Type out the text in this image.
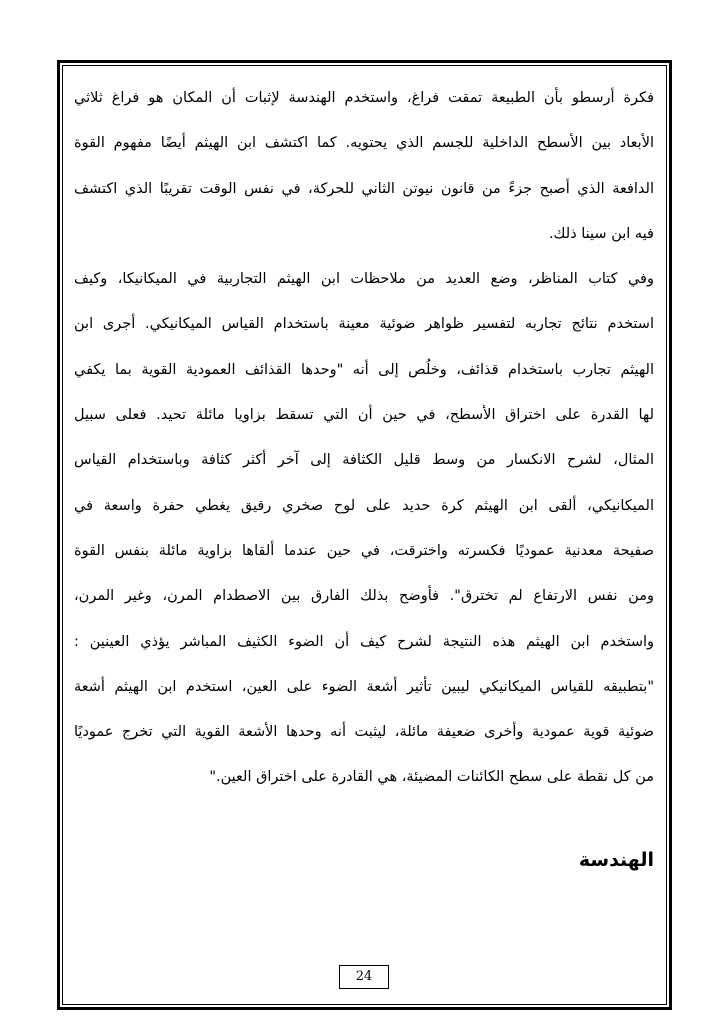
فكرة أرسطو بأن الطبيعة تمقت فراغ، واستخدم الهندسة لإثبات أن المكان هو فراغ ثلاثي
الأبعاد بين الأسطح الداخلية للجسم الذي يحتويه. كما اكتشف ابن الهيثم أيضًا مفهوم القوة
الدافعة الذي أصبح جزءً من قانون نيوتن الثاني للحركة، في نفس الوقت تقريبًا الذي اكتشف
فيه ابن سينا ذلك.
وفي كتاب المناظر، وضع العديد من ملاحظات ابن الهيثم التجاربية في الميكانيكا، وكيف
استخدم نتائج تجاربه لتفسير ظواهر ضوئية معينة باستخدام القياس الميكانيكي. أجرى ابن
الهيثم تجارب باستخدام قذائف، وخلُص إلى أنه "وحدها القذائف العمودية القوية بما يكفي
لها القدرة على اختراق الأسطح، في حين أن التي تسقط بزاويا مائلة تحيد. فعلى سبيل
المثال، لشرح الانكسار من وسط قليل الكثافة إلى آخر أكثر كثافة وباستخدام القياس
الميكانيكي، ألقى ابن الهيثم كرة حديد على لوح صخري رقيق يغطي حفرة واسعة في
صفيحة معدنية عموديًا فكسرته واخترقت، في حين عندما ألقاها بزاوية مائلة بنفس القوة
ومن نفس الارتفاع لم تخترق". فأوضح بذلك الفارق بين الاصطدام المرن، وغير المرن،
واستخدم ابن الهيثم هذه النتيجة لشرح كيف أن الضوء الكثيف المباشر يؤذي العينين :
"بتطبيقه للقياس الميكانيكي ليبين تأثير أشعة الضوء على العين، استخدم ابن الهيثم أشعة
ضوئية قوية عمودية وأخرى ضعيفة مائلة، ليثبت أنه وحدها الأشعة القوية التي تخرج عموديًا
من كل نقطة على سطح الكائنات المضيئة، هي القادرة على اختراق العين."
الهندسة
24
